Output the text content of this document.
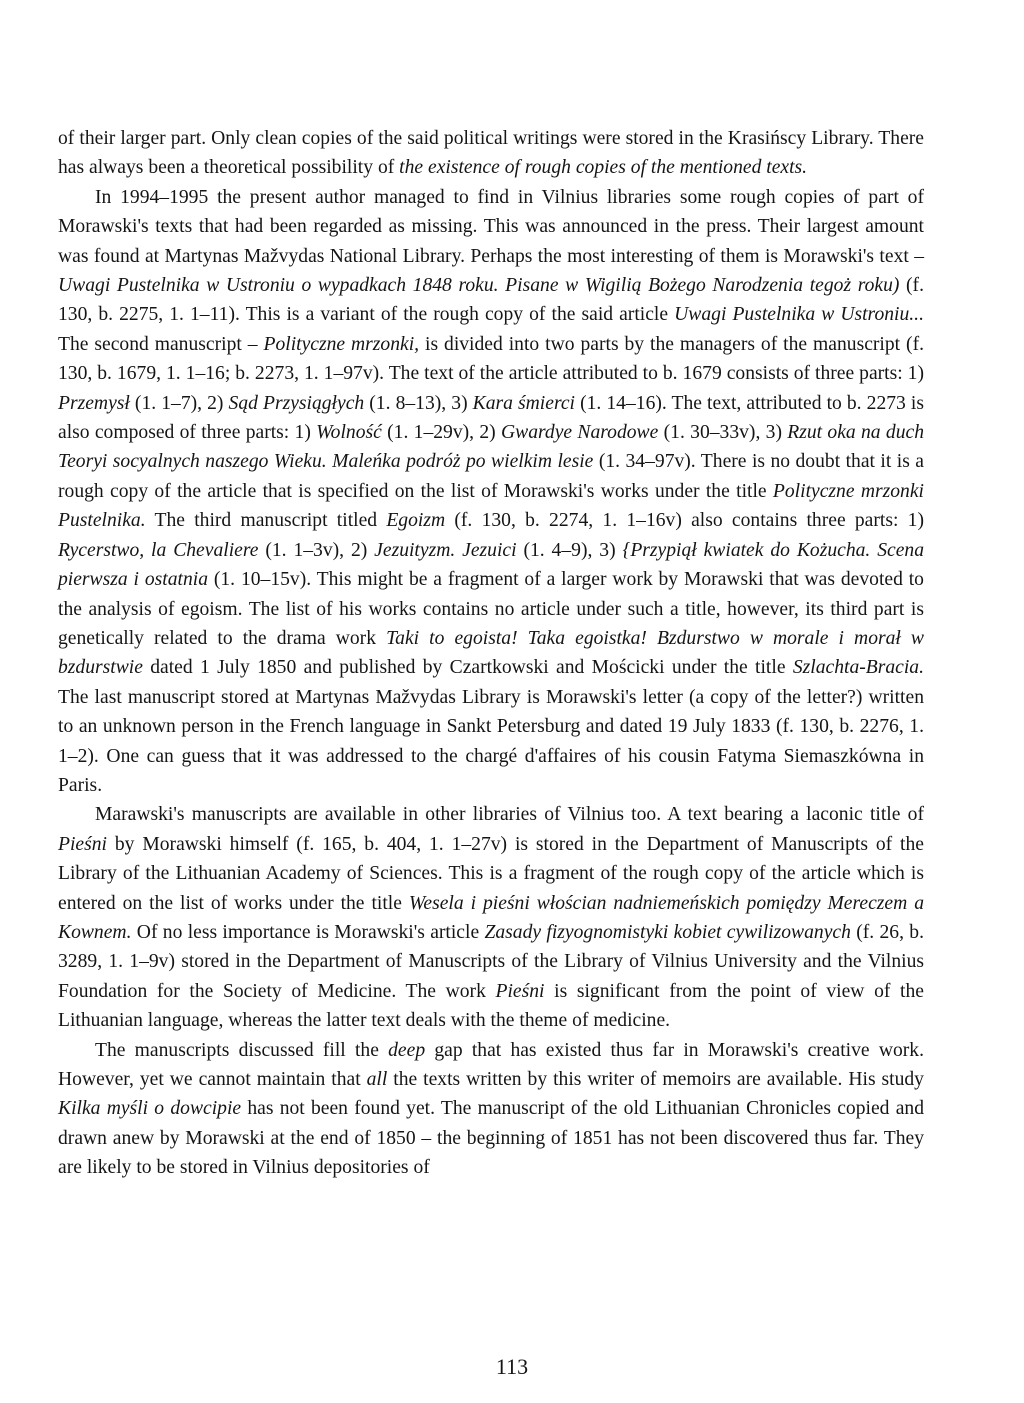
of their larger part. Only clean copies of the said political writings were stored in the Krasińscy Library. There has always been a theoretical possibility of the existence of rough copies of the mentioned texts.

In 1994–1995 the present author managed to find in Vilnius libraries some rough copies of part of Morawski's texts that had been regarded as missing. This was announced in the press. Their largest amount was found at Martynas Mažvydas National Library. Perhaps the most interesting of them is Morawski's text – Uwagi Pustelnika w Ustroniu o wypadkach 1848 roku. Pisane w Wigilią Bożego Narodzenia tegoż roku) (f. 130, b. 2275, 1. 1–11). This is a variant of the rough copy of the said article Uwagi Pustelnika w Ustroniu... The second manuscript – Polityczne mrzonki, is divided into two parts by the managers of the manuscript (f. 130, b. 1679, 1. 1–16; b. 2273, 1. 1–97v). The text of the article attributed to b. 1679 consists of three parts: 1) Przemysł (1. 1–7), 2) Sąd Przysiągłych (1. 8–13), 3) Kara śmierci (1. 14–16). The text, attributed to b. 2273 is also composed of three parts: 1) Wolność (1. 1–29v), 2) Gwardye Narodowe (1. 30–33v), 3) Rzut oka na duch Teoryi socyalnych naszego Wieku. Maleńka podróż po wielkim lesie (1. 34–97v). There is no doubt that it is a rough copy of the article that is specified on the list of Morawski's works under the title Polityczne mrzonki Pustelnika. The third manuscript titled Egoizm (f. 130, b. 2274, 1. 1–16v) also contains three parts: 1) Rycerstwo, la Chevaliere (1. 1–3v), 2) Jezuityzm. Jezuici (1. 4–9), 3) {Przypiął kwiatek do Kożucha. Scena pierwsza i ostatnia (1. 10–15v). This might be a fragment of a larger work by Morawski that was devoted to the analysis of egoism. The list of his works contains no article under such a title, however, its third part is genetically related to the drama work Taki to egoista! Taka egoistka! Bzdurstwo w morale i morał w bzdurstwie dated 1 July 1850 and published by Czartkowski and Mościcki under the title Szlachta-Bracia. The last manuscript stored at Martynas Mažvydas Library is Morawski's letter (a copy of the letter?) written to an unknown person in the French language in Sankt Petersburg and dated 19 July 1833 (f. 130, b. 2276, 1. 1–2). One can guess that it was addressed to the chargé d'affaires of his cousin Fatyma Siemaszkówna in Paris.

Marawski's manuscripts are available in other libraries of Vilnius too. A text bearing a laconic title of Pieśni by Morawski himself (f. 165, b. 404, 1. 1–27v) is stored in the Department of Manuscripts of the Library of the Lithuanian Academy of Sciences. This is a fragment of the rough copy of the article which is entered on the list of works under the title Wesela i pieśni włościan nadniemeńskich pomiędzy Mereczem a Kownem. Of no less importance is Morawski's article Zasady fizyognomistyki kobiet cywilizowanych (f. 26, b. 3289, 1. 1–9v) stored in the Department of Manuscripts of the Library of Vilnius University and the Vilnius Foundation for the Society of Medicine. The work Pieśni is significant from the point of view of the Lithuanian language, whereas the latter text deals with the theme of medicine.

The manuscripts discussed fill the deep gap that has existed thus far in Morawski's creative work. However, yet we cannot maintain that all the texts written by this writer of memoirs are available. His study Kilka myśli o dowcipie has not been found yet. The manuscript of the old Lithuanian Chronicles copied and drawn anew by Morawski at the end of 1850 – the beginning of 1851 has not been discovered thus far. They are likely to be stored in Vilnius depositories of

113
